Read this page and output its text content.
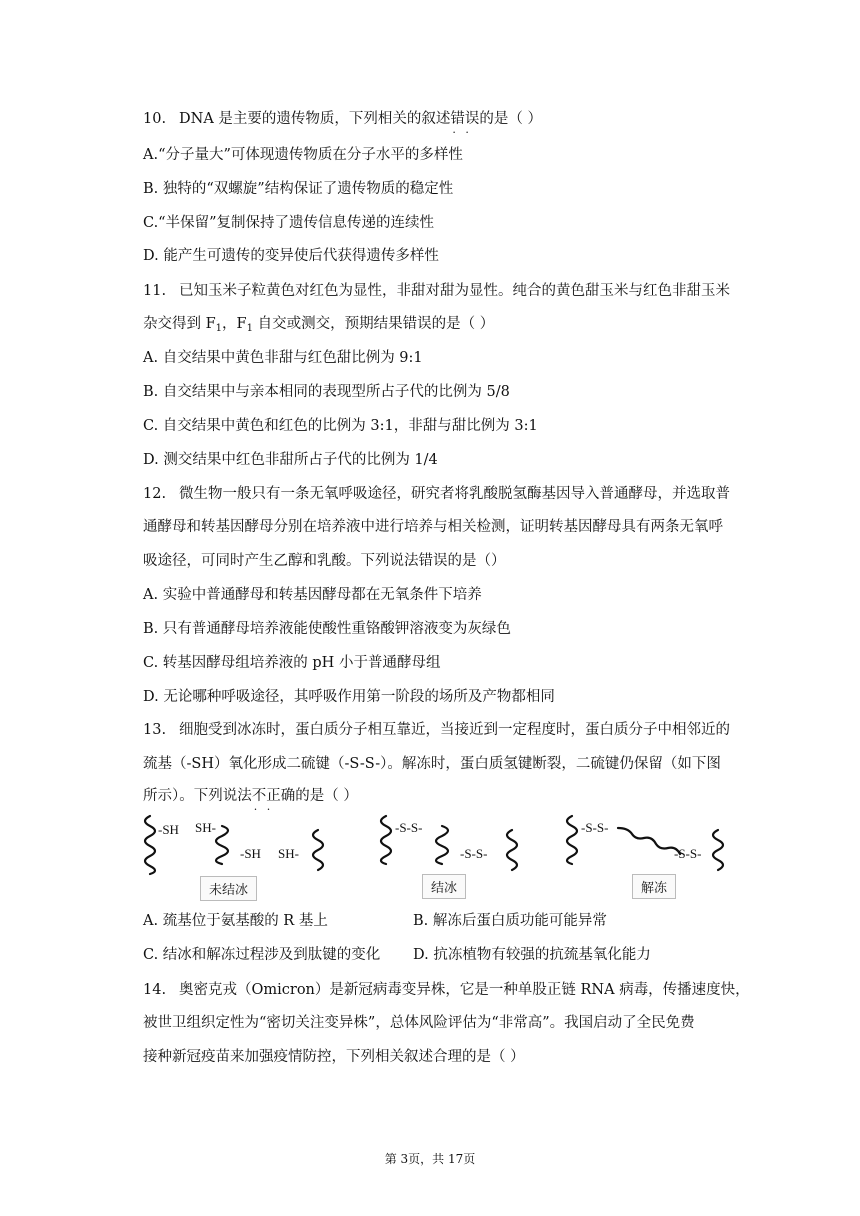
10. DNA 是主要的遗传物质，下列相关的叙述错误 · ·的是（ ）
A.“分子量大”可体现遗传物质在分子水平的多样性
B. 独特的“双螺旋”结构保证了遗传物质的稳定性
C.“半保留”复制保持了遗传信息传递的连续性
D. 能产生可遗传的变异使后代获得遗传多样性
11. 已知玉米子粒黄色对红色为显性，非甜对甜为显性。纯合的黄色甜玉米与红色非甜玉米
杂交得到 $F_1$，$F_1$ 自交或测交，预期结果错误的是（ ）
A. 自交结果中黄色非甜与红色甜比例为 9:1
B. 自交结果中与亲本相同的表现型所占子代的比例为 5/8
C. 自交结果中黄色和红色的比例为 3:1，非甜与甜比例为 3:1
D. 测交结果中红色非甜所占子代的比例为 1/4
12. 微生物一般只有一条无氧呼吸途径，研究者将乳酸脱氢酶基因导入普通酵母，并选取普
通酵母和转基因酵母分别在培养液中进行培养与相关检测，证明转基因酵母具有两条无氧呼
吸途径，可同时产生乙醇和乳酸。下列说法错误的是（）
A. 实验中普通酵母和转基因酵母都在无氧条件下培养
B. 只有普通酵母培养液能使酸性重铬酸钾溶液变为灰绿色
C. 转基因酵母组培养液的 pH 小于普通酵母组
D. 无论哪种呼吸途径，其呼吸作用第一阶段的场所及产物都相同
13. 细胞受到冰冻时，蛋白质分子相互靠近，当接近到一定程度时，蛋白质分子中相邻近的
巯基（-SH）氧化形成二硫键（-S-S-）。解冻时，蛋白质氢键断裂，二硫键仍保留（如下图
所示）。下列说法不正确 · ·的是（ ）
-SH SH-
-SH SH-
-S-S-
-S-S-
-S-S-
-S-S-
未结冰	结冰	解冻
A. 巯基位于氨基酸的 R 基上	B. 解冻后蛋白质功能可能异常
C. 结冰和解冻过程涉及到肽键的变化 D. 抗冻植物有较强的抗巯基氧化能力
14. 奥密克戎（Omicron）是新冠病毒变异株，它是一种单股正链 RNA 病毒，传播速度快，
被世卫组织定性为“密切关注变异株”，总体风险评估为“非常高”。我国启动了全民免费
接种新冠疫苗来加强疫情防控，下列相关叙述合理的是（ ）
第 3页，共 17页
